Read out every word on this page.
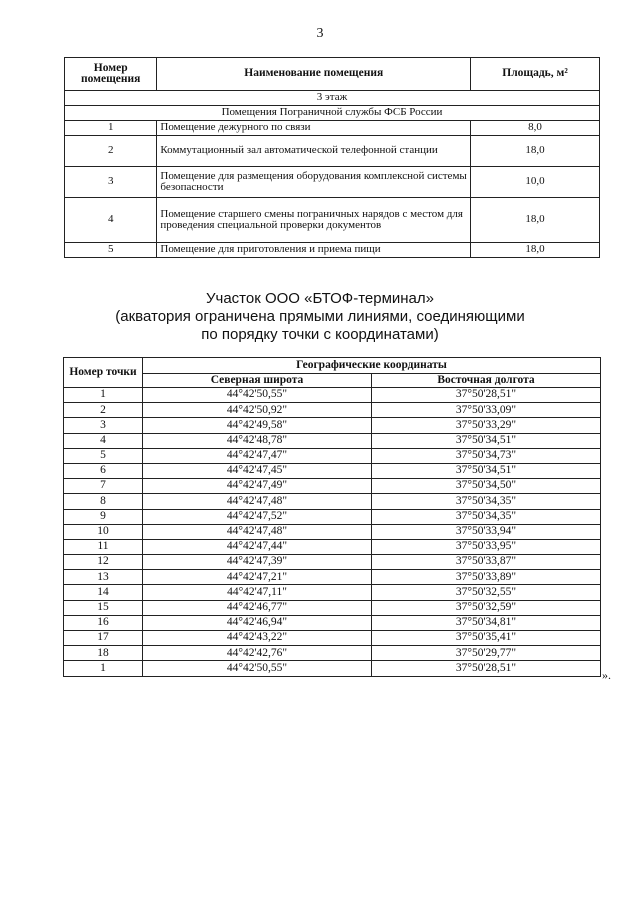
3
Номер помещения	Наименование помещения	Площадь, м²
3 этаж		
Помещения Пограничной службы ФСБ России		
1	Помещение дежурного по связи	8,0
2	Коммутационный зал автоматической телефонной станции	18,0
3	Помещение для размещения оборудования комплексной системы безопасности	10,0
4	Помещение старшего смены пограничных нарядов с местом для проведения специальной проверки документов	18,0
5	Помещение для приготовления и приема пищи	18,0
Участок ООО «БТОФ-терминал»
(акватория ограничена прямыми линиями, соединяющими
по порядку точки с координатами)
Номер точки	Географические координаты	
	Северная широта	Восточная долгота
1	44°42'50,55"	37°50'28,51"
2	44°42'50,92"	37°50'33,09"
3	44°42'49,58"	37°50'33,29"
4	44°42'48,78"	37°50'34,51"
5	44°42'47,47"	37°50'34,73"
6	44°42'47,45"	37°50'34,51"
7	44°42'47,49"	37°50'34,50"
8	44°42'47,48"	37°50'34,35"
9	44°42'47,52"	37°50'34,35"
10	44°42'47,48"	37°50'33,94"
11	44°42'47,44"	37°50'33,95"
12	44°42'47,39"	37°50'33,87"
13	44°42'47,21"	37°50'33,89"
14	44°42'47,11"	37°50'32,55"
15	44°42'46,77"	37°50'32,59"
16	44°42'46,94"	37°50'34,81"
17	44°42'43,22"	37°50'35,41"
18	44°42'42,76"	37°50'29,77"
1	44°42'50,55"	37°50'28,51"
».
